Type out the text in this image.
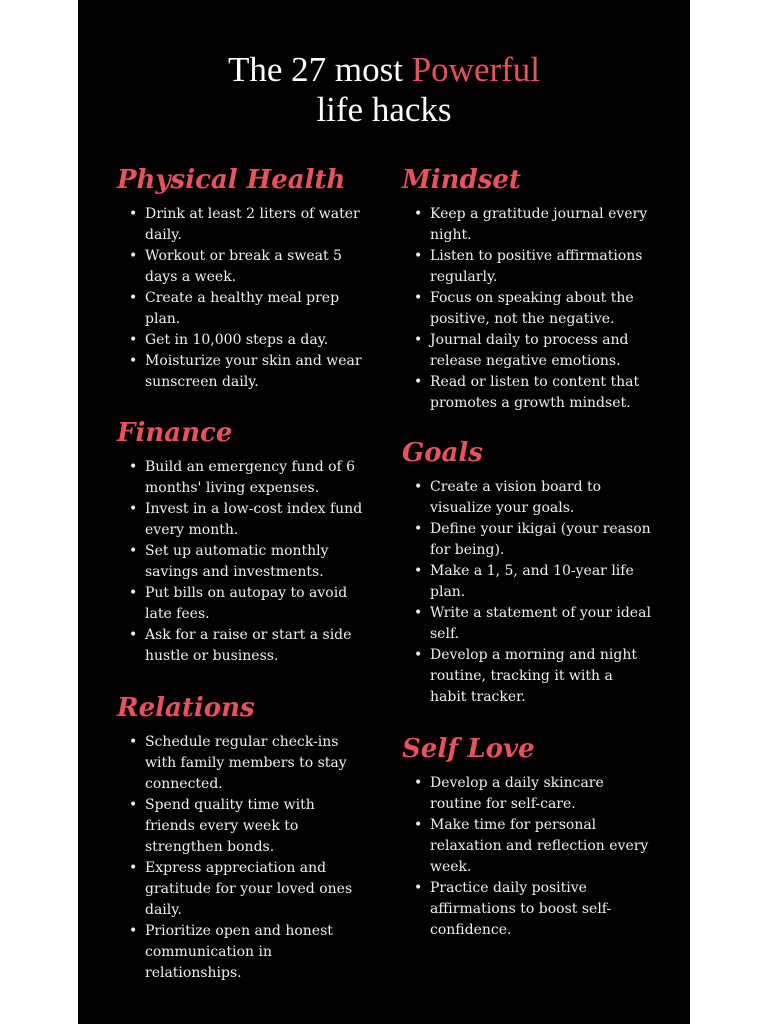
The 27 most Powerful
life hacks
Physical Health
• Drink at least 2 liters of water daily.
• Workout or break a sweat 5 days a week.
• Create a healthy meal prep plan.
• Get in 10,000 steps a day.
• Moisturize your skin and wear sunscreen daily.
Finance
• Build an emergency fund of 6 months' living expenses.
• Invest in a low-cost index fund every month.
• Set up automatic monthly savings and investments.
• Put bills on autopay to avoid late fees.
• Ask for a raise or start a side hustle or business.
Relations
• Schedule regular check-ins with family members to stay connected.
• Spend quality time with friends every week to strengthen bonds.
• Express appreciation and gratitude for your loved ones daily.
• Prioritize open and honest communication in relationships.
Mindset
• Keep a gratitude journal every night.
• Listen to positive affirmations regularly.
• Focus on speaking about the positive, not the negative.
• Journal daily to process and release negative emotions.
• Read or listen to content that promotes a growth mindset.
Goals
• Create a vision board to visualize your goals.
• Define your ikigai (your reason for being).
• Make a 1, 5, and 10-year life plan.
• Write a statement of your ideal self.
• Develop a morning and night routine, tracking it with a habit tracker.
Self Love
• Develop a daily skincare routine for self-care.
• Make time for personal relaxation and reflection every week.
• Practice daily positive affirmations to boost self-confidence.
